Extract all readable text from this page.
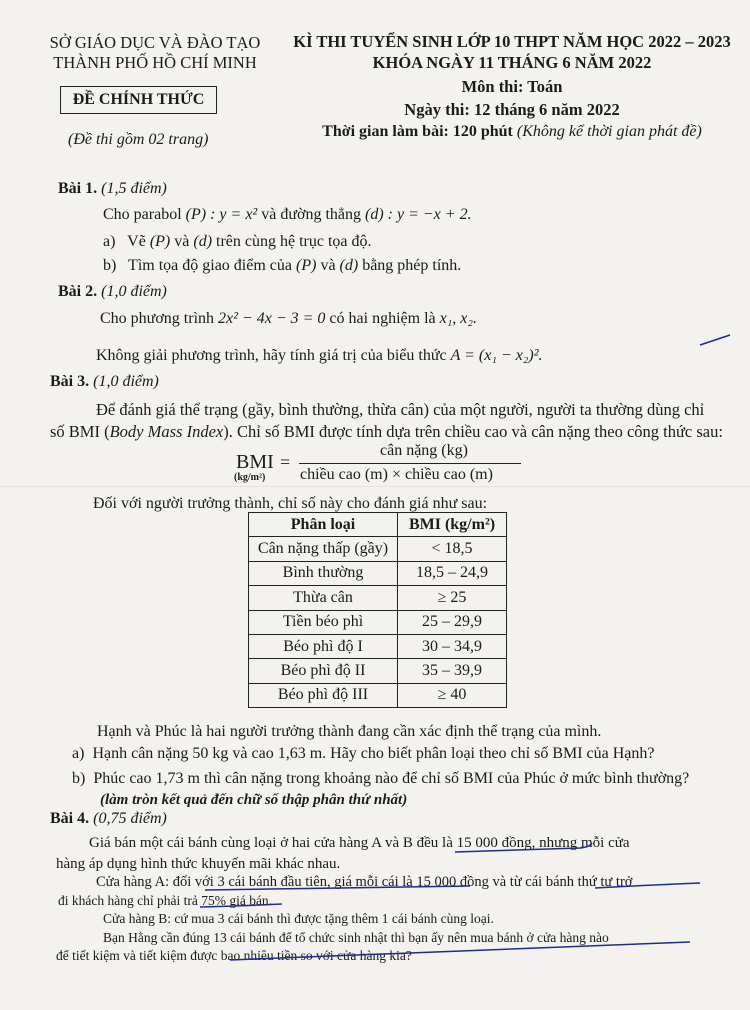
SỞ GIÁO DỤC VÀ ĐÀO TẠO
THÀNH PHỐ HỒ CHÍ MINH
ĐỀ CHÍNH THỨC
(Đề thi gồm 02 trang)
KÌ THI TUYỂN SINH LỚP 10 THPT NĂM HỌC 2022 – 2023
KHÓA NGÀY 11 THÁNG 6 NĂM 2022
Môn thi: Toán
Ngày thi: 12 tháng 6 năm 2022
Thời gian làm bài: 120 phút (Không kể thời gian phát đề)
Bài 1. (1,5 điểm)
Cho parabol (P) : y = x² và đường thẳng (d) : y = −x + 2.
a) Vẽ (P) và (d) trên cùng hệ trục tọa độ.
b) Tìm tọa độ giao điểm của (P) và (d) bằng phép tính.
Bài 2. (1,0 điểm)
Cho phương trình 2x² − 4x − 3 = 0 có hai nghiệm là x₁, x₂.
Không giải phương trình, hãy tính giá trị của biểu thức A = (x₁ − x₂)².
Bài 3. (1,0 điểm)
Để đánh giá thể trạng (gầy, bình thường, thừa cân) của một người, người ta thường dùng chỉ
số BMI (Body Mass Index). Chỉ số BMI được tính dựa trên chiều cao và cân nặng theo công thức sau:
BMI
(kg/m²)
=
cân nặng (kg)
chiều cao (m) × chiều cao (m)
Đối với người trưởng thành, chỉ số này cho đánh giá như sau:
Phân loại	BMI (kg/m²)
Cân nặng thấp (gầy)	< 18,5
Bình thường	18,5 – 24,9
Thừa cân	≥ 25
Tiền béo phì	25 – 29,9
Béo phì độ I	30 – 34,9
Béo phì độ II	35 – 39,9
Béo phì độ III	≥ 40
Hạnh và Phúc là hai người trưởng thành đang cần xác định thể trạng của mình.
a) Hạnh cân nặng 50 kg và cao 1,63 m. Hãy cho biết phân loại theo chỉ số BMI của Hạnh?
b) Phúc cao 1,73 m thì cân nặng trong khoảng nào để chỉ số BMI của Phúc ở mức bình thường?
(làm tròn kết quả đến chữ số thập phân thứ nhất)
Bài 4. (0,75 điểm)
Giá bán một cái bánh cùng loại ở hai cửa hàng A và B đều là 15 000 đồng, nhưng mỗi cửa
hàng áp dụng hình thức khuyến mãi khác nhau.
Cửa hàng A: đối với 3 cái bánh đầu tiên, giá mỗi cái là 15 000 đồng và từ cái bánh thứ tư trở
đi khách hàng chỉ phải trả 75% giá bán.
Cửa hàng B: cứ mua 3 cái bánh thì được tặng thêm 1 cái bánh cùng loại.
Bạn Hằng cần đúng 13 cái bánh để tổ chức sinh nhật thì bạn ấy nên mua bánh ở cửa hàng nào
để tiết kiệm và tiết kiệm được bao nhiêu tiền so với cửa hàng kia?
